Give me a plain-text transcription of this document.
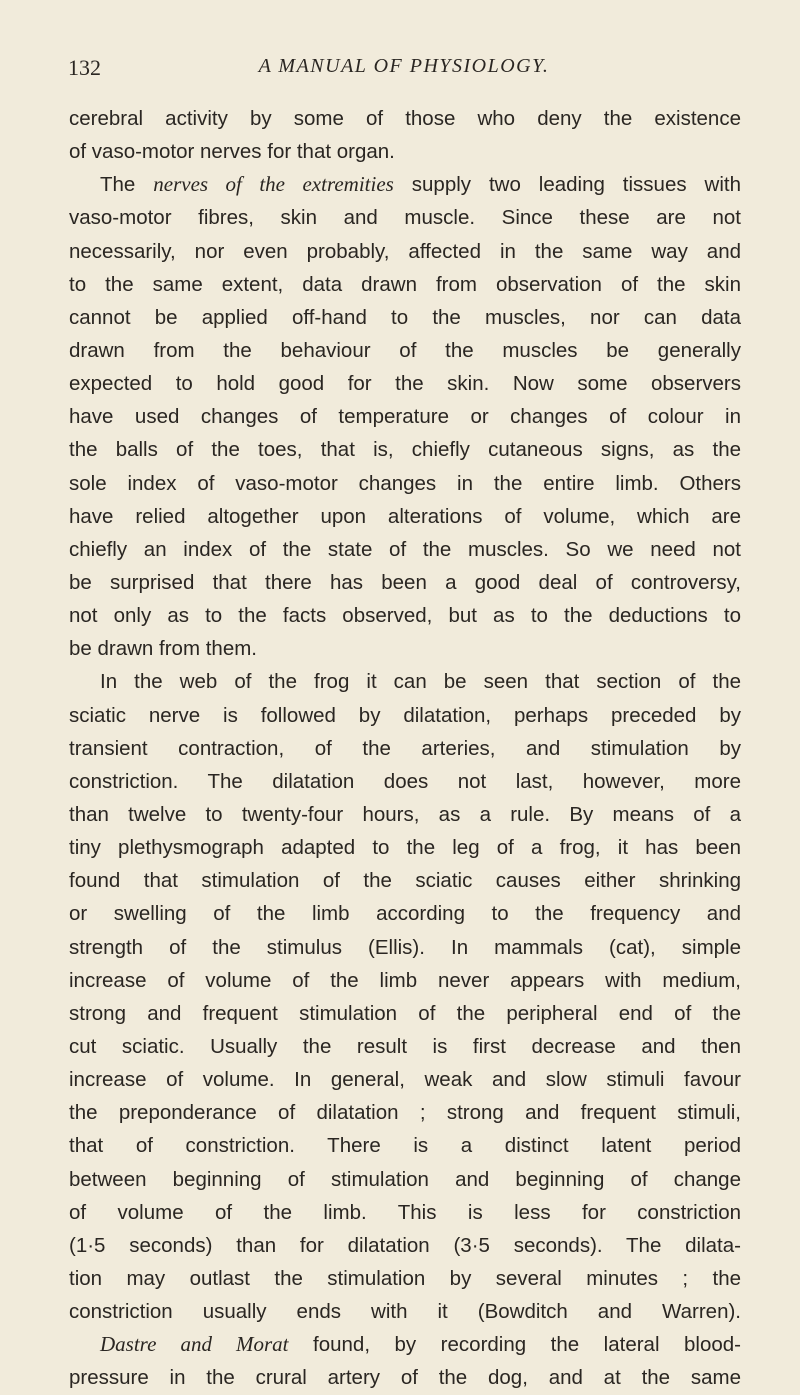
132	A MANUAL OF PHYSIOLOGY.
cerebral activity by some of those who deny the existence
of vaso-motor nerves for that organ.
The nerves of the extremities supply two leading tissues with
vaso-motor fibres, skin and muscle. Since these are not
necessarily, nor even probably, affected in the same way and
to the same extent, data drawn from observation of the skin
cannot be applied off-hand to the muscles, nor can data
drawn from the behaviour of the muscles be generally
expected to hold good for the skin. Now some observers
have used changes of temperature or changes of colour in
the balls of the toes, that is, chiefly cutaneous signs, as the
sole index of vaso-motor changes in the entire limb. Others
have relied altogether upon alterations of volume, which are
chiefly an index of the state of the muscles. So we need not
be surprised that there has been a good deal of controversy,
not only as to the facts observed, but as to the deductions to
be drawn from them.
In the web of the frog it can be seen that section of the
sciatic nerve is followed by dilatation, perhaps preceded by
transient contraction, of the arteries, and stimulation by
constriction. The dilatation does not last, however, more
than twelve to twenty-four hours, as a rule. By means of a
tiny plethysmograph adapted to the leg of a frog, it has been
found that stimulation of the sciatic causes either shrinking
or swelling of the limb according to the frequency and
strength of the stimulus (Ellis). In mammals (cat), simple
increase of volume of the limb never appears with medium,
strong and frequent stimulation of the peripheral end of the
cut sciatic. Usually the result is first decrease and then
increase of volume. In general, weak and slow stimuli favour
the preponderance of dilatation ; strong and frequent stimuli,
that of constriction. There is a distinct latent period
between beginning of stimulation and beginning of change
of volume of the limb. This is less for constriction
(1·5 seconds) than for dilatation (3·5 seconds). The dilata-
tion may outlast the stimulation by several minutes ; the
constriction usually ends with it (Bowditch and Warren).
Dastre and Morat found, by recording the lateral blood-
pressure in the crural artery of the dog, and at the same
